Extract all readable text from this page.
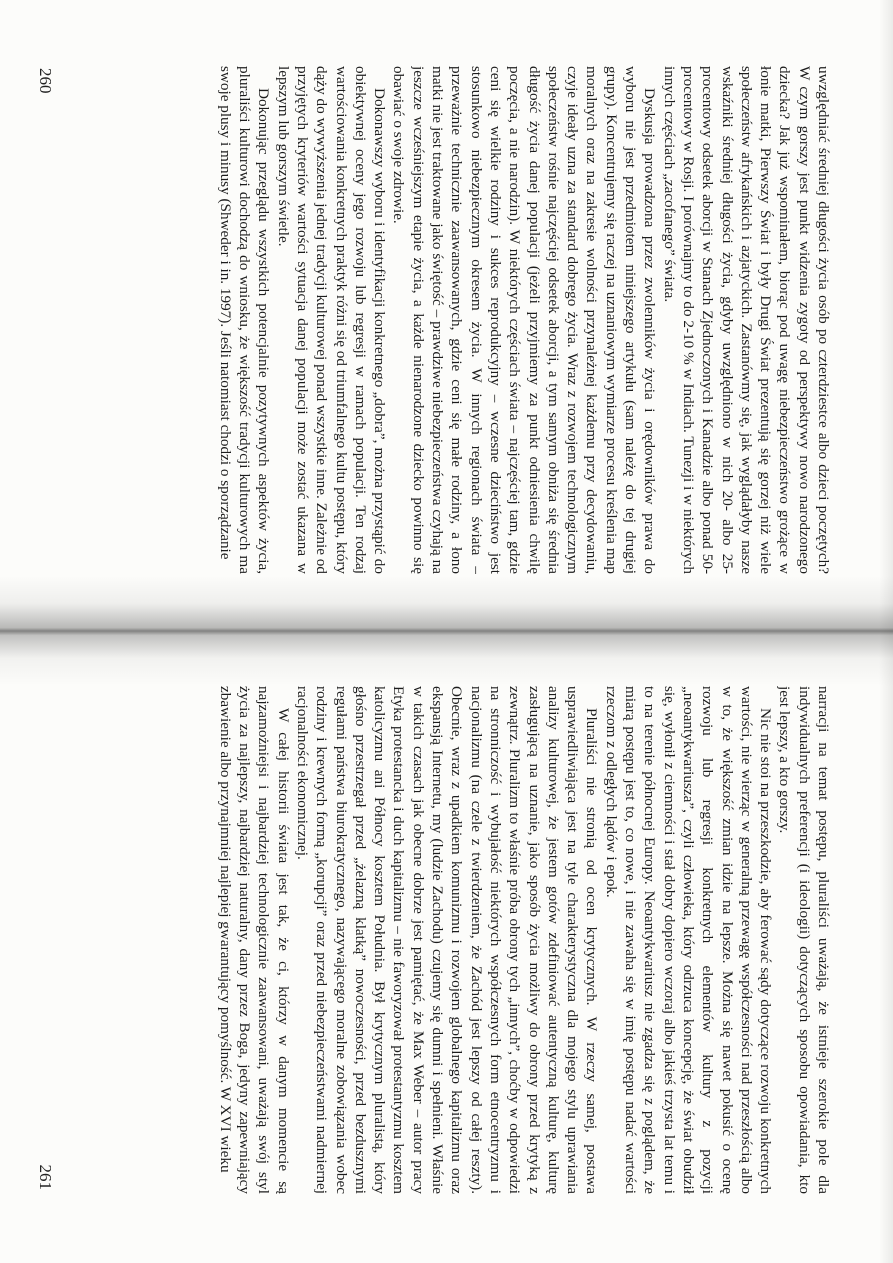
uwzględniać średniej długości życia osób po czterdziestce albo dzieci poczętych? W czym gorszy jest punkt widzenia zygoty od perspektywy nowo narodzonego dziecka? Jak już wspominałem, biorąc pod uwagę niebezpieczeństwo grożące w łonie matki, Pierwszy Świat i były Drugi Świat prezentują się gorzej niż wiele społeczeństw afrykańskich i azjatyckich. Zastanówmy się, jak wyglądałyby nasze wskaźniki średniej długości życia, gdyby uwzględniono w nich 20- albo 25-procentowy odsetek aborcji w Stanach Zjednoczonych i Kanadzie albo ponad 50-procentowy w Rosji. I porównajmy to do 2-10 % w Indiach. Tunezji i w niektórych innych częściach „zacofanego” świata.

Dyskusja prowadzona przez zwolenników życia i orędowników prawa do wyboru nie jest przedmiotem niniejszego artykułu (sam należę do tej drugiej grupy). Koncentrujemy się raczej na uznaniowym wymiarze procesu kreślenia map moralnych oraz na zakresie wolności przynależnej każdemu przy decydowaniu, czyje ideały uzna za standard dobrego życia. Wraz z rozwojem technologicznym społeczeństw rośnie najczęściej odsetek aborcji, a tym samym obniża się średnia długość życia danej populacji (jeżeli przyjmiemy za punkt odniesienia chwilę poczęcia, a nie narodzin). W niektórych częściach świata – najczęściej tam, gdzie ceni się wielkie rodziny i sukces reprodukcyjny – wczesne dzieciństwo jest stosunkowo niebezpiecznym okresem życia. W innych regionach świata – przeważnie technicznie zaawansowanych, gdzie ceni się małe rodziny, a łono matki nie jest traktowane jako świętość – prawdziwe niebezpieczeństwa czyhają na jeszcze wcześniejszym etapie życia, a każde nienarodzone dziecko powinno się obawiać o swoje zdrowie.

Dokonawszy wyboru i identyfikacji konkretnego „dobra”, można przystąpić do obiektywnej oceny jego rozwoju lub regresji w ramach populacji. Ten rodzaj wartościowania konkretnych praktyk różni się od triumfalnego kultu postępu, który dąży do wywyższenia jednej tradycji kulturowej ponad wszystkie inne. Zależnie od przyjętych kryteriów wartości sytuacja danej populacji może zostać ukazana w lepszym lub gorszym świetle.

Dokonując przeglądu wszystkich potencjalnie pozytywnych aspektów życia, pluraliści kulturowi dochodzą do wniosku, że większość tradycji kulturowych ma swoje plusy i minusy (Shweder i in. 1997). Jeśli natomiast chodzi o sporządzanie

260

narracji na temat postępu, pluraliści uważają, że istnieje szerokie pole dla indywidualnych preferencji (i ideologii) dotyczących sposobu opowiadania, kto jest lepszy, a kto gorszy.

Nic nie stoi na przeszkodzie, aby ferować sądy dotyczące rozwoju konkretnych wartości, nie wierząc w generalną przewagę współczesności nad przeszłością albo w to, że większość zmian idzie na lepsze. Można się nawet pokusić o ocenę rozwoju lub regresji konkretnych elementów kultury z pozycji „neoantykwariusza”, czyli człowieka, który odrzuca koncepcję, że świat obudził się, wyłonił z ciemności i stał dobry dopiero wczoraj albo jakieś trzysta lat temu i to na terenie północnej Europy. Neoantykwariusz nie zgadza się z poglądem, że miarą postępu jest to, co nowe, i nie zawaha się w imię postępu nadać wartości rzeczom z odległych lądów i epok.

Pluraliści nie stronią od ocen krytycznych. W rzeczy samej, postawa usprawiedliwiająca jest na tyle charakterystyczna dla mojego stylu uprawiania analizy kulturowej, że jestem gotów zdefiniować autentyczną kulturę, kulturę zasługującą na uznanie, jako sposób życia możliwy do obrony przed krytyką z zewnątrz. Pluralizm to właśnie próba obrony tych „innych”, choćby w odpowiedzi na stronniczość i wybujałość niektórych współczesnych form etnocentryzmu i nacjonalizmu (na czele z twierdzeniem, że Zachód jest lepszy od całej reszty). Obecnie, wraz z upadkiem komunizmu i rozwojem globalnego kapitalizmu oraz ekspansją Internetu, my (ludzie Zachodu) czujemy się dumni i spełnieni. Właśnie w takich czasach jak obecne dobrze jest pamiętać, że Max Weber – autor pracy Etyka protestancka i duch kapitalizmu – nie faworyzował protestantyzmu kosztem katolicyzmu ani Północy kosztem Południa. Był krytycznym pluralistą, który głośno przestrzegał przed „żelazną klatką” nowoczesności, przed bezdusznymi regułami państwa biurokratycznego, nazywającego moralne zobowiązania wobec rodziny i krewnych formą „korupcji” oraz przed niebezpieczeństwami nadmiernej racjonalności ekonomicznej.

W całej historii świata jest tak, że ci, którzy w danym momencie są najzamożniejsi i najbardziej technologicznie zaawansowani, uważają swój styl życia za najlepszy, najbardziej naturalny, dany przez Boga, jedyny zapewniający zbawienie albo przynajmniej najlepiej gwarantujący pomyślność. W XVI wieku

261
